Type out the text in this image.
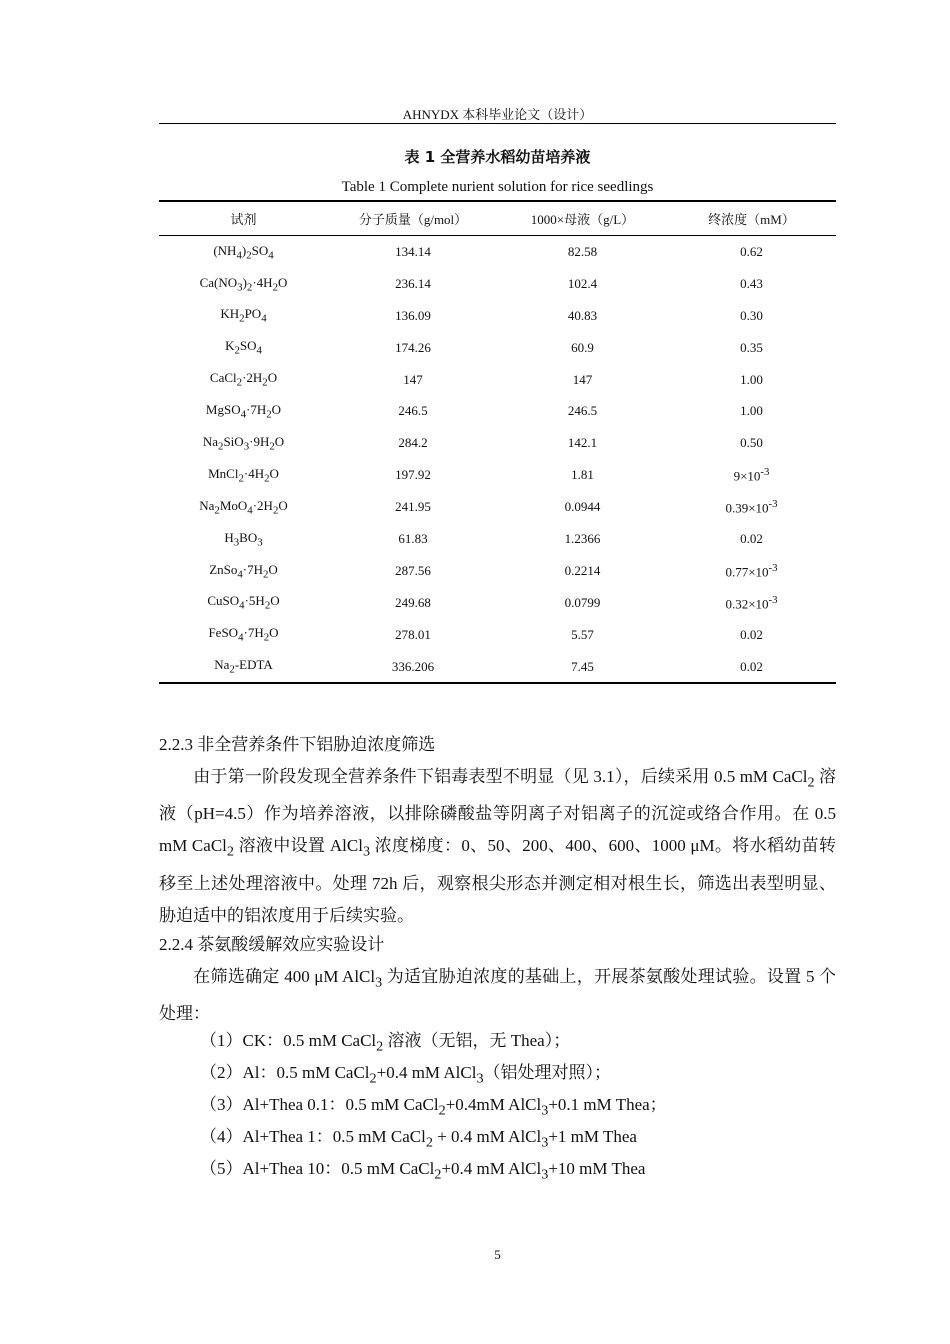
AHNYDX 本科毕业论文（设计）
表 1 全营养水稻幼苗培养液
Table 1 Complete nurient solution for rice seedlings
试剂	分子质量（g/mol）	1000×母液（g/L）	终浓度（mM）
$(NH_4)_2SO_4$	134.14	82.58	0.62
$Ca(NO_3)_2\cdot 4H_2O$	236.14	102.4	0.43
$KH_2PO_4$	136.09	40.83	0.30
$K_2SO_4$	174.26	60.9	0.35
$CaCl_2\cdot 2H_2O$	147	147	1.00
$MgSO_4\cdot 7H_2O$	246.5	246.5	1.00
$Na_2SiO_3\cdot 9H_2O$	284.2	142.1	0.50
$MnCl_2\cdot 4H_2O$	197.92	1.81	$9\times 10^{-3}$
$Na_2MoO_4\cdot 2H_2O$	241.95	0.0944	$0.39\times 10^{-3}$
$H_3BO_3$	61.83	1.2366	0.02
$ZnSo_4\cdot 7H_2O$	287.56	0.2214	$0.77\times 10^{-3}$
$CuSO_4\cdot 5H_2O$	249.68	0.0799	$0.32\times 10^{-3}$
$FeSO_4\cdot 7H_2O$	278.01	5.57	0.02
$Na_2$-EDTA	336.206	7.45	0.02
2.2.3 非全营养条件下铝胁迫浓度筛选
由于第一阶段发现全营养条件下铝毒表型不明显（见 3.1），后续采用 0.5 mM CaCl$_2$ 溶液（pH=4.5）作为培养溶液，以排除磷酸盐等阴离子对铝离子的沉淀或络合作用。在 0.5 mM CaCl$_2$ 溶液中设置 AlCl$_3$ 浓度梯度：0、50、200、400、600、1000 μM。将水稻幼苗转移至上述处理溶液中。处理 72h 后，观察根尖形态并测定相对根生长，筛选出表型明显、胁迫适中的铝浓度用于后续实验。
2.2.4 茶氨酸缓解效应实验设计
在筛选确定 400 μM AlCl$_3$ 为适宜胁迫浓度的基础上，开展茶氨酸处理试验。设置 5 个处理：
（1）CK：0.5 mM CaCl$_2$ 溶液（无铝，无 Thea）；
（2）Al：0.5 mM CaCl$_2$+0.4 mM AlCl$_3$（铝处理对照）；
（3）Al+Thea 0.1：0.5 mM CaCl$_2$+0.4mM AlCl$_3$+0.1 mM Thea；
（4）Al+Thea 1：0.5 mM CaCl$_2$ + 0.4 mM AlCl$_3$+1 mM Thea
（5）Al+Thea 10：0.5 mM CaCl$_2$+0.4 mM AlCl$_3$+10 mM Thea
5
